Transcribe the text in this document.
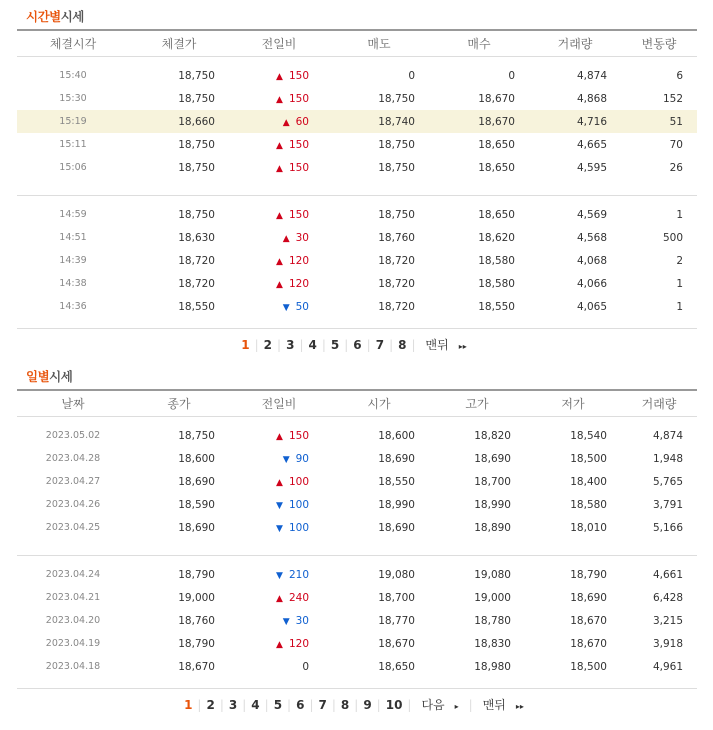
시간별시세
체결시각	체결가	전일비	매도	매수	거래량	변동량

15:40	18,750	▲ 150	0	0	4,874	6
15:30	18,750	▲ 150	18,750	18,670	4,868	152
15:19	18,660	▲ 60	18,740	18,670	4,716	51
15:11	18,750	▲ 150	18,750	18,650	4,665	70
15:06	18,750	▲ 150	18,750	18,650	4,595	26

14:59	18,750	▲ 150	18,750	18,650	4,569	1
14:51	18,630	▲ 30	18,760	18,620	4,568	500
14:39	18,720	▲ 120	18,720	18,580	4,068	2
14:38	18,720	▲ 120	18,720	18,580	4,066	1
14:36	18,550	▼ 50	18,720	18,550	4,065	1

1 | 2 | 3 | 4 | 5 | 6 | 7 | 8 | 맨뒤▸▸
일별시세
날짜	종가	전일비	시가	고가	저가	거래량

2023.05.02	18,750	▲ 150	18,600	18,820	18,540	4,874
2023.04.28	18,600	▼ 90	18,690	18,690	18,500	1,948
2023.04.27	18,690	▲ 100	18,550	18,700	18,400	5,765
2023.04.26	18,590	▼ 100	18,990	18,990	18,580	3,791
2023.04.25	18,690	▼ 100	18,690	18,890	18,010	5,166

2023.04.24	18,790	▼ 210	19,080	19,080	18,790	4,661
2023.04.21	19,000	▲ 240	18,700	19,000	18,690	6,428
2023.04.20	18,760	▼ 30	18,770	18,780	18,670	3,215
2023.04.19	18,790	▲ 120	18,670	18,830	18,670	3,918
2023.04.18	18,670	0	18,650	18,980	18,500	4,961

1 | 2 | 3 | 4 | 5 | 6 | 7 | 8 | 9 | 10 | 다음▸ | 맨뒤▸▸
